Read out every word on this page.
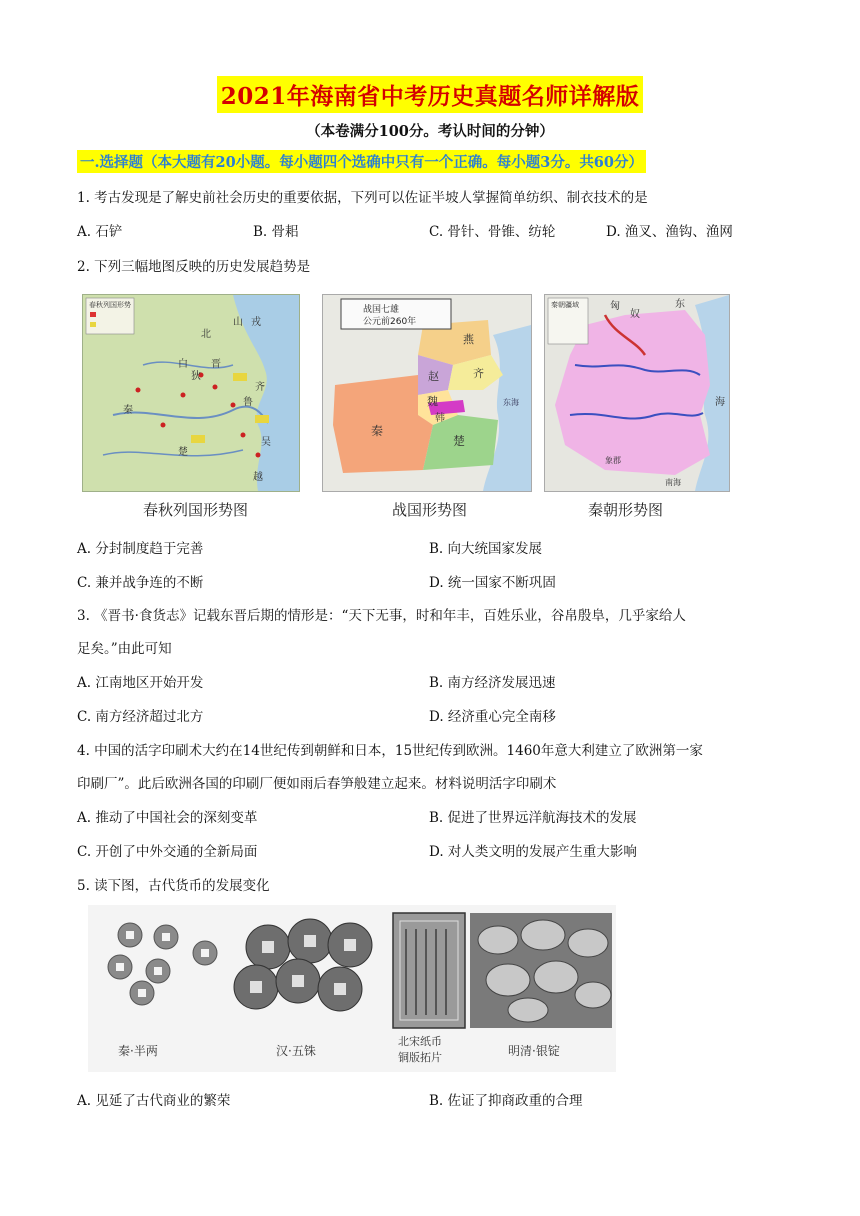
2021年海南省中考历史真题名师详解版
（本卷满分100分。考认时间的分钟）
一.选择题（本大题有20小题。每小题四个选确中只有一个正确。每小题3分。共60分）
1. 考古发现是了解史前社会历史的重要依据，下列可以佐证半坡人掌握简单纺织、制衣技术的是
A. 石铲	B. 骨耜	C. 骨针、骨锥、纺轮	D. 渔叉、渔钩、渔网
2. 下列三幅地图反映的历史发展趋势是
春秋列国形势
北
山 戎
白
狄
晋
秦
楚
吴
越
齐
鲁
春秋列国形势图
战国七雄
公元前260年
燕
赵	齐
魏
韩
秦
楚
东海
战国形势图
秦朝疆域	匈
奴
东
海
象郡
南海
秦朝形势图
A. 分封制度趋于完善	B. 向大统国家发展
C. 兼并战争连的不断	D. 统一国家不断巩固
3. 《晋书·食货志》记载东晋后期的情形是：“天下无事，时和年丰，百姓乐业，谷帛殷阜，几乎家给人
足矣。”由此可知
A. 江南地区开始开发	B. 南方经济发展迅速
C. 南方经济超过北方	D. 经济重心完全南移
4. 中国的活字印刷术大约在14世纪传到朝鲜和日本，15世纪传到欧洲。1460年意大利建立了欧洲第一家
印刷厂”。此后欧洲各国的印刷厂便如雨后春笋般建立起来。材料说明活字印刷术
A. 推动了中国社会的深刻变革	B. 促进了世界远洋航海技术的发展
C. 开创了中外交通的全新局面	D. 对人类文明的发展产生重大影响
5. 读下图，古代货币的发展变化
秦·半两	汉·五铢
北宋纸币
铜版拓片	明清·银锭
A. 见延了古代商业的繁荣	B. 佐证了抑商政重的合理
